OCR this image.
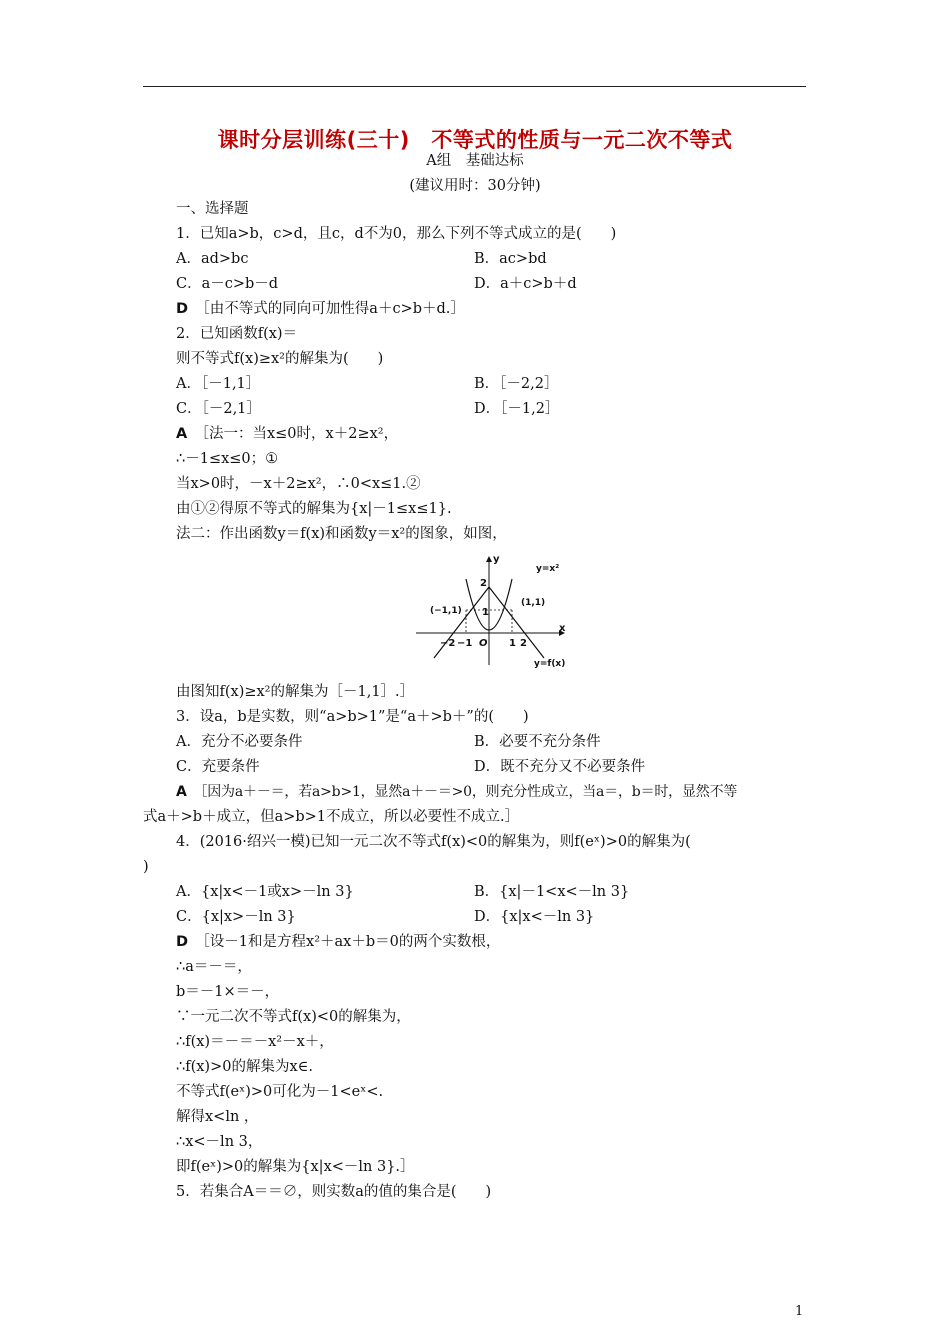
课时分层训练(三十)　不等式的性质与一元二次不等式
A组　基础达标
(建议用时：30分钟)
一、选择题
1．已知a>b，c>d，且c，d不为0，那么下列不等式成立的是(　　)
A．ad>bc	B．ac>bd
C．a－c>b－d	D．a＋c>b＋d
D　 ［由不等式的同向可加性得a＋c>b＋d.］
2．已知函数f(x)＝
则不等式f(x)≥x²的解集为(　　)
A．［－1,1］	B．［－2,2］
C．［－2,1］	D．［－1,2］
A　 ［法一：当x≤0时，x＋2≥x²，
∴－1≤x≤0；①
当x>0时，－x＋2≥x²，∴0<x≤1.②
由①②得原不等式的解集为{x|－1≤x≤1}.
法二：作出函数y＝f(x)和函数y＝x²的图象，如图，
y
x
y=x²
y=f(x)
(−1,1)
(1,1)
2
1
O
−2 −1	1 2
由图知f(x)≥x²的解集为［－1,1］.］
3．设a，b是实数，则“a>b>1”是“a＋>b＋”的(　　)
A．充分不必要条件	B．必要不充分条件
C．充要条件	D．既不充分又不必要条件
A　 ［因为a＋－＝，若a>b>1，显然a＋－＝>0，则充分性成立，当a＝，b＝时，显然不等
式a＋>b＋成立，但a>b>1不成立，所以必要性不成立.］
4．(2016·绍兴一模)已知一元二次不等式f(x)<0的解集为，则f(eˣ)>0的解集为(
)
A．{x|x<－1或x>－ln 3}	B．{x|－1<x<－ln 3}
C．{x|x>－ln 3}	D．{x|x<－ln 3}
D　 ［设－1和是方程x²＋ax＋b＝0的两个实数根，
∴a＝－＝，
b＝－1×＝－，
∵一元二次不等式f(x)<0的解集为，
∴f(x)＝－＝－x²－x＋，
∴f(x)>0的解集为x∈.
不等式f(eˣ)>0可化为－1<eˣ<.
解得x<ln ，
∴x<－ln 3，
即f(eˣ)>0的解集为{x|x<－ln 3}.］
5．若集合A＝＝∅，则实数a的值的集合是(　　)
1
